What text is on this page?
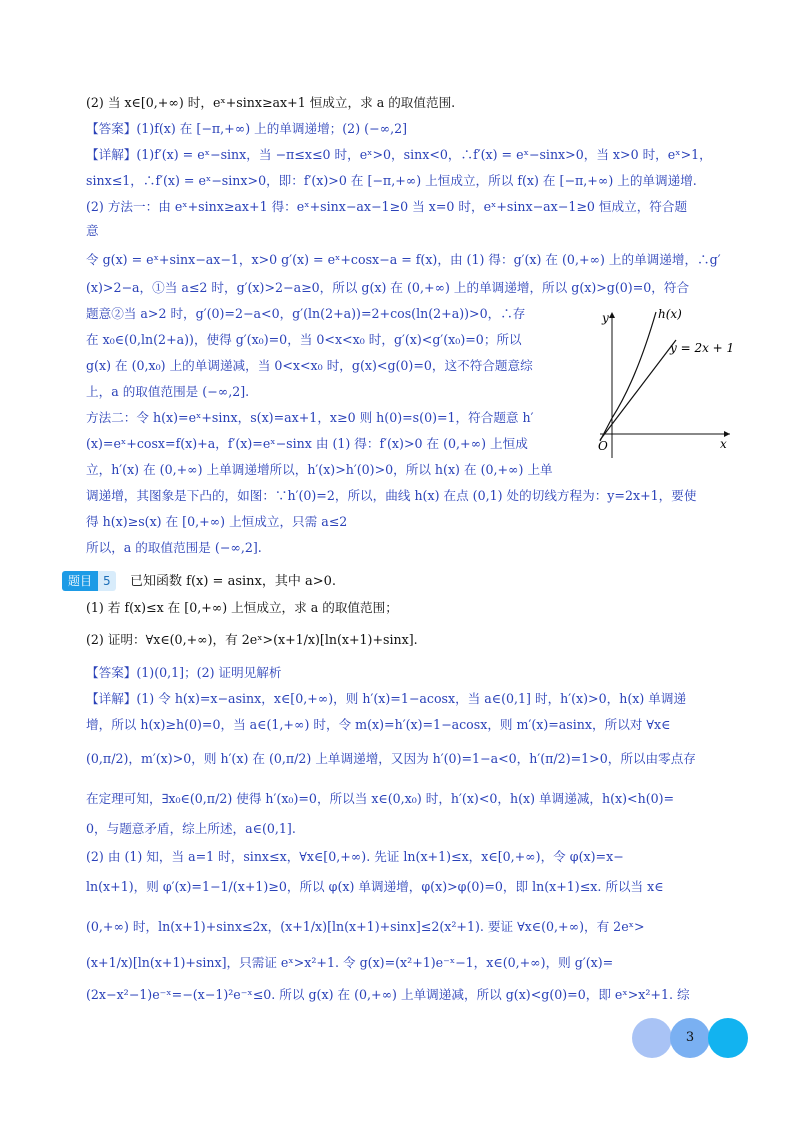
(2) 当 x∈[0,+∞) 时，eˣ+sinx≥ax+1 恒成立，求 a 的取值范围.
【答案】(1)f(x) 在 [−π,+∞) 上的单调递增；(2) (−∞,2]
【详解】(1)f′(x) = eˣ−sinx，当 −π≤x≤0 时，eˣ>0，sinx<0，∴f′(x) = eˣ−sinx>0，当 x>0 时，eˣ>1，
sinx≤1，∴f′(x) = eˣ−sinx>0，即：f′(x)>0 在 [−π,+∞) 上恒成立，所以 f(x) 在 [−π,+∞) 上的单调递增.
(2) 方法一：由 eˣ+sinx≥ax+1 得：eˣ+sinx−ax−1≥0 当 x=0 时，eˣ+sinx−ax−1≥0 恒成立，符合题
意
令 g(x) = eˣ+sinx−ax−1，x>0 g′(x) = eˣ+cosx−a = f(x)，由 (1) 得：g′(x) 在 (0,+∞) 上的单调递增，∴g′
(x)>2−a，①当 a≤2 时，g′(x)>2−a≥0，所以 g(x) 在 (0,+∞) 上的单调递增，所以 g(x)>g(0)=0，符合
题意②当 a>2 时，g′(0)=2−a<0，g′(ln(2+a))=2+cos(ln(2+a))>0，∴存
在 x₀∈(0,ln(2+a))，使得 g′(x₀)=0，当 0<x<x₀ 时，g′(x)<g′(x₀)=0；所以
g(x) 在 (0,x₀) 上的单调递减，当 0<x<x₀ 时，g(x)<g(0)=0，这不符合题意综
上，a 的取值范围是 (−∞,2].
方法二：令 h(x)=eˣ+sinx，s(x)=ax+1，x≥0 则 h(0)=s(0)=1，符合题意 h′
(x)=eˣ+cosx=f(x)+a，f′(x)=eˣ−sinx 由 (1) 得：f′(x)>0 在 (0,+∞) 上恒成
立，h′(x) 在 (0,+∞) 上单调递增所以，h′(x)>h′(0)>0，所以 h(x) 在 (0,+∞) 上单
调递增，其图象是下凸的，如图：∵h′(0)=2，所以，曲线 h(x) 在点 (0,1) 处的切线方程为：y=2x+1，要使
得 h(x)≥s(x) 在 [0,+∞) 上恒成立，只需 a≤2
所以，a 的取值范围是 (−∞,2].
y
x
O
h(x)
y = 2x + 1
题目 5	已知函数 f(x) = asinx，其中 a>0.
(1) 若 f(x)≤x 在 [0,+∞) 上恒成立，求 a 的取值范围；
(2) 证明：∀x∈(0,+∞)，有 2eˣ>(x+1/x)[ln(x+1)+sinx].
【答案】(1)(0,1]；(2) 证明见解析
【详解】(1) 令 h(x)=x−asinx，x∈[0,+∞)，则 h′(x)=1−acosx，当 a∈(0,1] 时，h′(x)>0，h(x) 单调递
增，所以 h(x)≥h(0)=0，当 a∈(1,+∞) 时，令 m(x)=h′(x)=1−acosx，则 m′(x)=asinx，所以对 ∀x∈
(0,π/2)，m′(x)>0，则 h′(x) 在 (0,π/2) 上单调递增，又因为 h′(0)=1−a<0，h′(π/2)=1>0，所以由零点存
在定理可知，∃x₀∈(0,π/2) 使得 h′(x₀)=0，所以当 x∈(0,x₀) 时，h′(x)<0，h(x) 单调递减，h(x)<h(0)=
0，与题意矛盾，综上所述，a∈(0,1].
(2) 由 (1) 知，当 a=1 时，sinx≤x，∀x∈[0,+∞). 先证 ln(x+1)≤x，x∈[0,+∞)，令 φ(x)=x−
ln(x+1)，则 φ′(x)=1−1/(x+1)≥0，所以 φ(x) 单调递增，φ(x)>φ(0)=0，即 ln(x+1)≤x. 所以当 x∈
(0,+∞) 时，ln(x+1)+sinx≤2x，(x+1/x)[ln(x+1)+sinx]≤2(x²+1). 要证 ∀x∈(0,+∞)，有 2eˣ>
(x+1/x)[ln(x+1)+sinx]，只需证 eˣ>x²+1. 令 g(x)=(x²+1)e⁻ˣ−1，x∈(0,+∞)，则 g′(x)=
(2x−x²−1)e⁻ˣ=−(x−1)²e⁻ˣ≤0. 所以 g(x) 在 (0,+∞) 上单调递减，所以 g(x)<g(0)=0，即 eˣ>x²+1. 综
3
